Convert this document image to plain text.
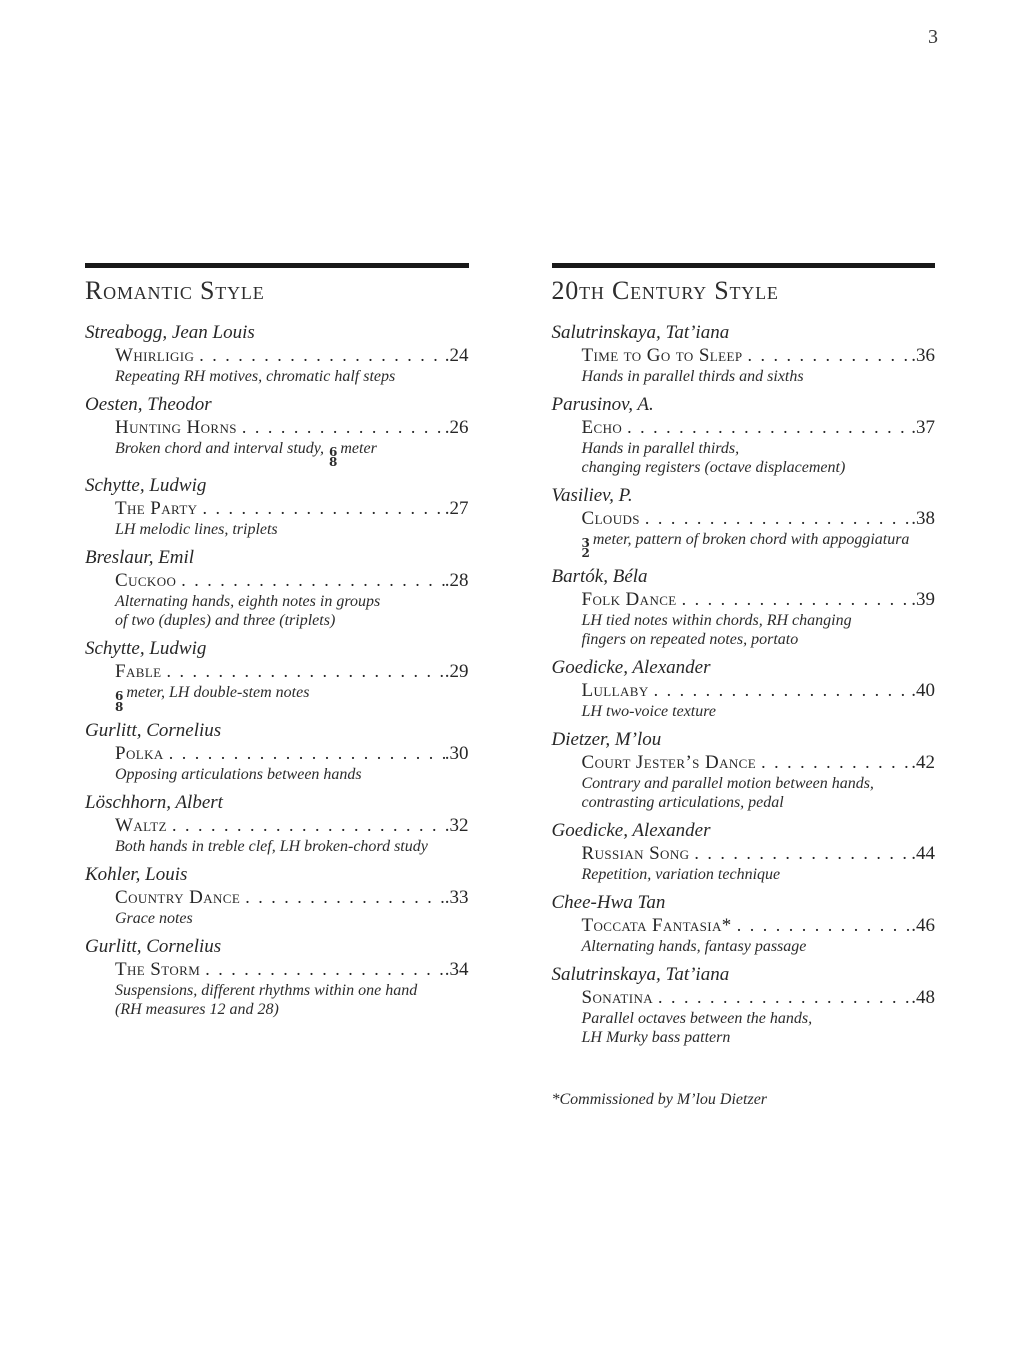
3
Romantic Style
Streabogg, Jean Louis
Whirligig . . .	. 24
Repeating RH motives, chromatic half steps
Oesten, Theodor
Hunting Horns . . .	. 26
Broken chord and interval study, 6
8
meter
Schytte, Ludwig
The Party . . .	. 27
LH melodic lines, triplets
Breslaur, Emil
Cuckoo . . .	. 28
Alternating hands, eighth notes in groups
of two (duples) and three (triplets)
Schytte, Ludwig
Fable . . .	. 29
6
8
meter, LH double-stem notes
Gurlitt, Cornelius
Polka . . .	. 30
Opposing articulations between hands
Löschhorn, Albert
Waltz . . .	. 32
Both hands in treble clef, LH broken-chord study
Kohler, Louis
Country Dance . . .	. 33
Grace notes
Gurlitt, Cornelius
The Storm . . .	. 34
Suspensions, different rhythms within one hand
(RH measures 12 and 28)
20th Century Style
Salutrinskaya, Tat’iana
Time to Go to Sleep . . .	. 36
Hands in parallel thirds and sixths
Parusinov, A.
Echo . . .	. 37
Hands in parallel thirds,
changing registers (octave displacement)
Vasiliev, P.
Clouds . . .	. 38
3
2
meter, pattern of broken chord with appoggiatura
Bartók, Béla
Folk Dance . . .	. 39
LH tied notes within chords, RH changing
fingers on repeated notes, portato
Goedicke, Alexander
Lullaby . . .	. 40
LH two-voice texture
Dietzer, M’lou
Court Jester’s Dance . . .	. 42
Contrary and parallel motion between hands,
contrasting articulations, pedal
Goedicke, Alexander
Russian Song . . .	. 44
Repetition, variation technique
Chee-Hwa Tan
Toccata Fantasia* . . .	. 46
Alternating hands, fantasy passage
Salutrinskaya, Tat’iana
Sonatina . . .	. 48
Parallel octaves between the hands,
LH Murky bass pattern
*Commissioned by M’lou Dietzer
